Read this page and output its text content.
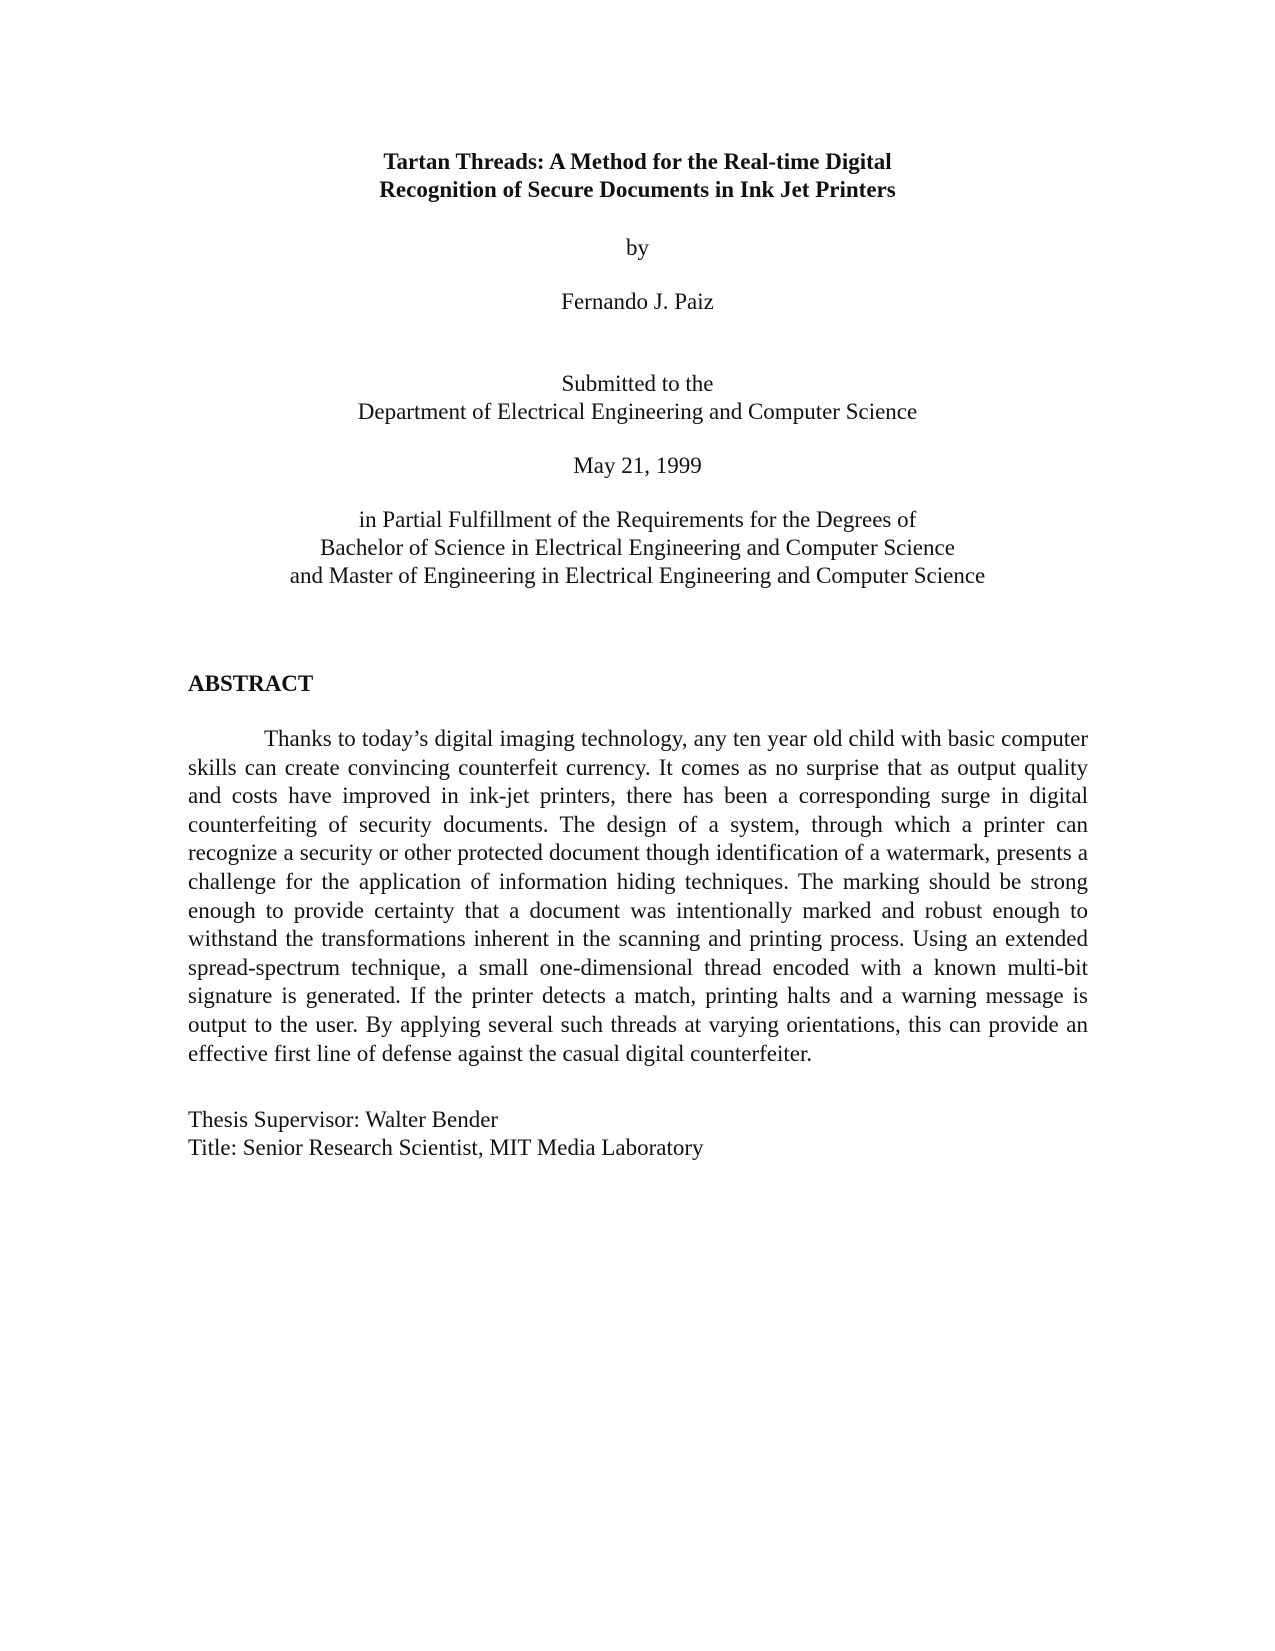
Tartan Threads: A Method for the Real-time Digital
Recognition of Secure Documents in Ink Jet Printers
by
Fernando J. Paiz
Submitted to the
Department of Electrical Engineering and Computer Science
May 21, 1999
in Partial Fulfillment of the Requirements for the Degrees of
Bachelor of Science in Electrical Engineering and Computer Science
and Master of Engineering in Electrical Engineering and Computer Science
ABSTRACT

Thanks to today’s digital imaging technology, any ten year old child with basic computer skills can create convincing counterfeit currency. It comes as no surprise that as output quality and costs have improved in ink-jet printers, there has been a corresponding surge in digital counterfeiting of security documents. The design of a system, through which a printer can recognize a security or other protected document though identification of a watermark, presents a challenge for the application of information hiding techniques. The marking should be strong enough to provide certainty that a document was intentionally marked and robust enough to withstand the transformations inherent in the scanning and printing process. Using an extended spread-spectrum technique, a small one-dimensional thread encoded with a known multi-bit signature is generated. If the printer detects a match, printing halts and a warning message is output to the user. By applying several such threads at varying orientations, this can provide an effective first line of defense against the casual digital counterfeiter.

Thesis Supervisor: Walter Bender
Title: Senior Research Scientist, MIT Media Laboratory
